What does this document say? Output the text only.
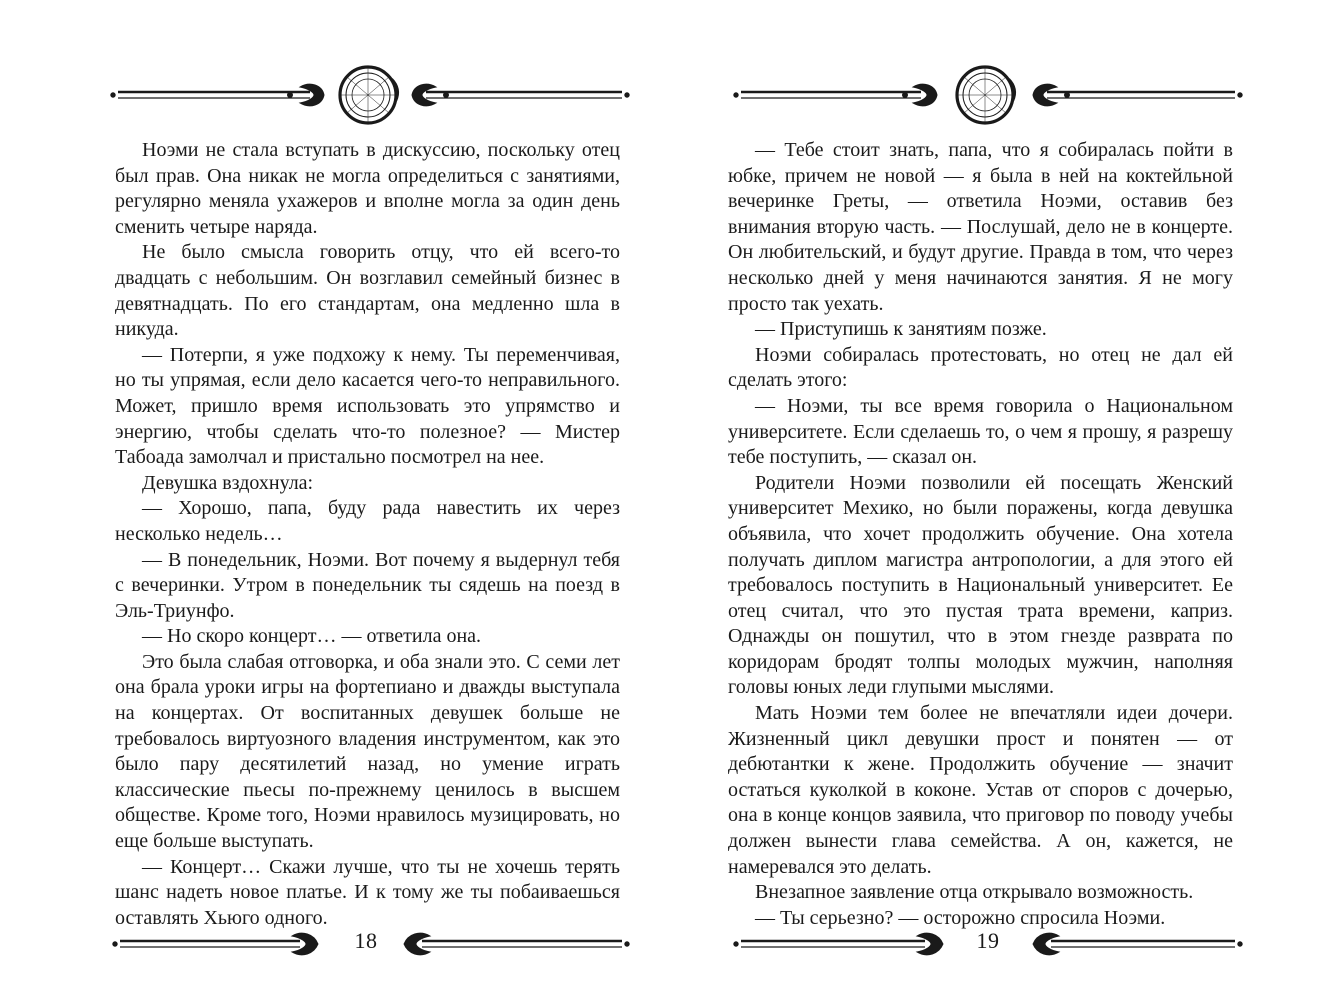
Ноэми не стала вступать в дискуссию, поскольку отец был прав. Она никак не могла определиться с занятиями, регулярно меняла ухажеров и вполне могла за один день сменить четыре наряда.

Не было смысла говорить отцу, что ей всего-то двадцать с небольшим. Он возглавил семейный бизнес в девятнадцать. По его стандартам, она медленно шла в никуда.

— Потерпи, я уже подхожу к нему. Ты переменчивая, но ты упрямая, если дело касается чего-то неправильного. Может, пришло время использовать это упрямство и энергию, чтобы сделать что-то полезное? — Мистер Табоада замолчал и пристально посмотрел на нее.

Девушка вздохнула:

— Хорошо, папа, буду рада навестить их через несколько недель…

— В понедельник, Ноэми. Вот почему я выдернул тебя с вечеринки. Утром в понедельник ты сядешь на поезд в Эль-Триунфо.

— Но скоро концерт… — ответила она.

Это была слабая отговорка, и оба знали это. С семи лет она брала уроки игры на фортепиано и дважды выступала на концертах. От воспитанных девушек больше не требовалось виртуозного владения инструментом, как это было пару десятилетий назад, но умение играть классические пьесы по-прежнему ценилось в высшем обществе. Кроме того, Ноэми нравилось музицировать, но еще больше выступать.

— Концерт… Скажи лучше, что ты не хочешь терять шанс надеть новое платье. И к тому же ты побаиваешься оставлять Хьюго одного.

18

— Тебе стоит знать, папа, что я собиралась пойти в юбке, причем не новой — я была в ней на коктейльной вечеринке Греты, — ответила Ноэми, оставив без внимания вторую часть. — Послушай, дело не в концерте. Он любительский, и будут другие. Правда в том, что через несколько дней у меня начинаются занятия. Я не могу просто так уехать.

— Приступишь к занятиям позже.

Ноэми собиралась протестовать, но отец не дал ей сделать этого:

— Ноэми, ты все время говорила о Национальном университете. Если сделаешь то, о чем я прошу, я разрешу тебе поступить, — сказал он.

Родители Ноэми позволили ей посещать Женский университет Мехико, но были поражены, когда девушка объявила, что хочет продолжить обучение. Она хотела получать диплом магистра антропологии, а для этого ей требовалось поступить в Национальный университет. Ее отец считал, что это пустая трата времени, каприз. Однажды он пошутил, что в этом гнезде разврата по коридорам бродят толпы молодых мужчин, наполняя головы юных леди глупыми мыслями.

Мать Ноэми тем более не впечатляли идеи дочери. Жизненный цикл девушки прост и понятен — от дебютантки к жене. Продолжить обучение — значит остаться куколкой в коконе. Устав от споров с дочерью, она в конце концов заявила, что приговор по поводу учебы должен вынести глава семейства. А он, кажется, не намеревался это делать.

Внезапное заявление отца открывало возможность.

— Ты серьезно? — осторожно спросила Ноэми.

19
